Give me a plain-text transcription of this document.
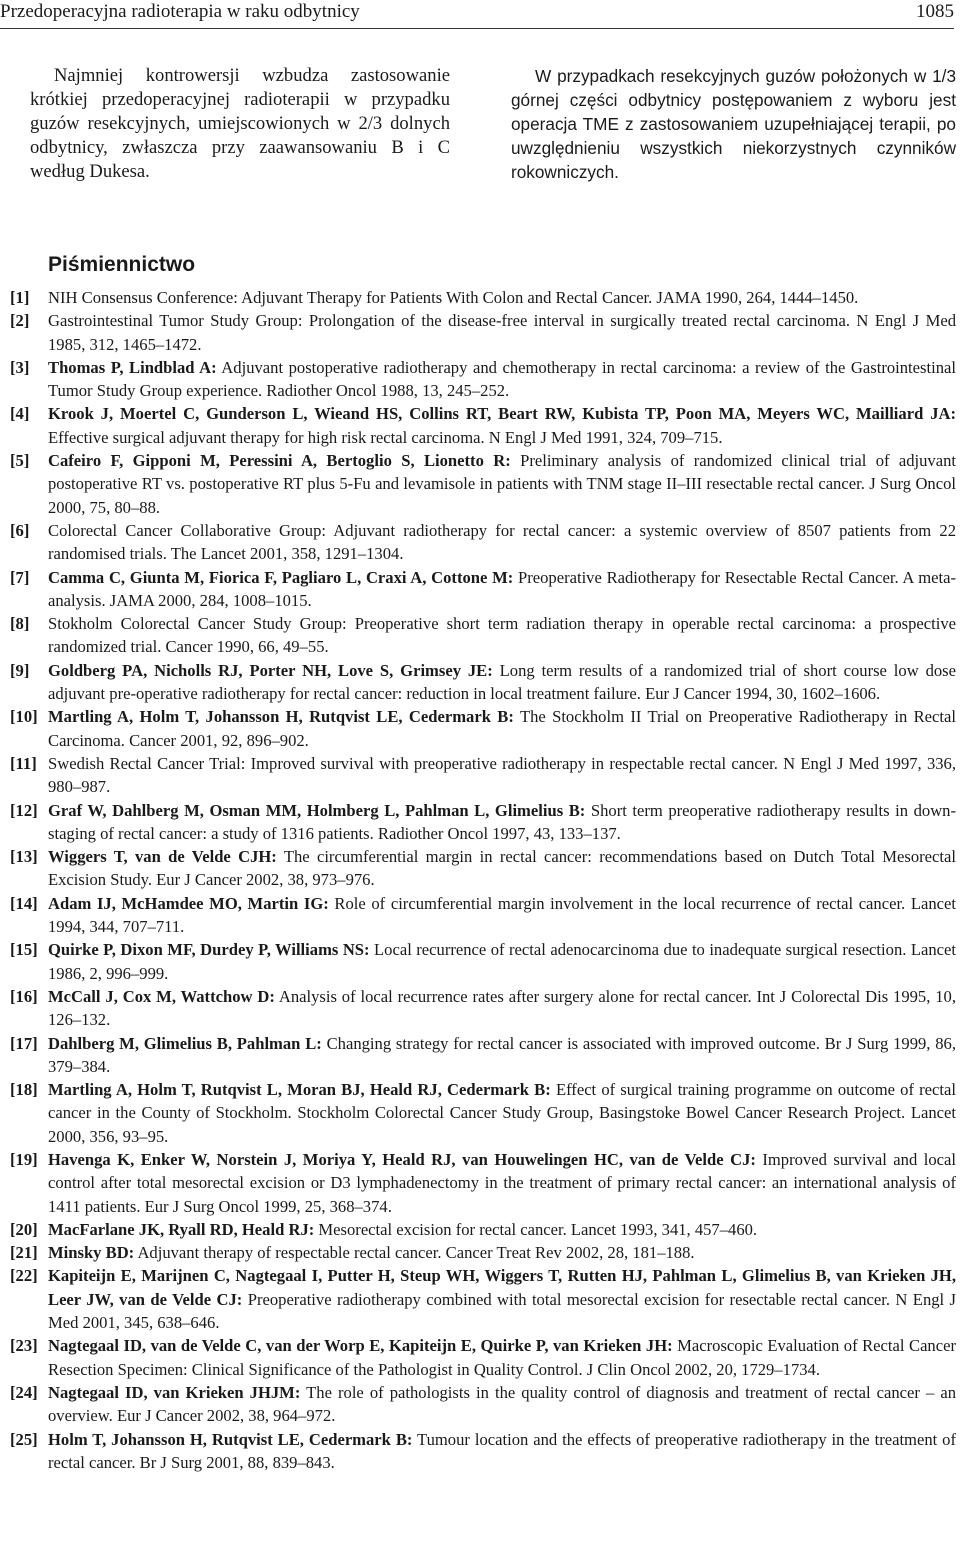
Przedoperacyjna radioterapia w raku odbytnicy	1085

Najmniej kontrowersji wzbudza zastosowanie krótkiej przedoperacyjnej radioterapii w przypadku guzów resekcyjnych, umiejscowionych w 2/3 dolnych odbytnicy, zwłaszcza przy zaawansowaniu B i C według Dukesa.

W przypadkach resekcyjnych guzów położonych w 1/3 górnej części odbytnicy postępowaniem z wyboru jest operacja TME z zastosowaniem uzupełniającej terapii, po uwzględnieniu wszystkich niekorzystnych czynników rokowniczych.

Piśmiennictwo
[1] NIH Consensus Conference: Adjuvant Therapy for Patients With Colon and Rectal Cancer. JAMA 1990, 264, 1444–1450.
[2] Gastrointestinal Tumor Study Group: Prolongation of the disease-free interval in surgically treated rectal carcinoma. N Engl J Med 1985, 312, 1465–1472.
[3] Thomas P, Lindblad A: Adjuvant postoperative radiotherapy and chemotherapy in rectal carcinoma: a review of the Gastrointestinal Tumor Study Group experience. Radiother Oncol 1988, 13, 245–252.
[4] Krook J, Moertel C, Gunderson L, Wieand HS, Collins RT, Beart RW, Kubista TP, Poon MA, Meyers WC, Mailliard JA: Effective surgical adjuvant therapy for high risk rectal carcinoma. N Engl J Med 1991, 324, 709–715.
[5] Cafeiro F, Gipponi M, Peressini A, Bertoglio S, Lionetto R: Preliminary analysis of randomized clinical trial of adjuvant postoperative RT vs. postoperative RT plus 5-Fu and levamisole in patients with TNM stage II–III resectable rectal cancer. J Surg Oncol 2000, 75, 80–88.
[6] Colorectal Cancer Collaborative Group: Adjuvant radiotherapy for rectal cancer: a systemic overview of 8507 patients from 22 randomised trials. The Lancet 2001, 358, 1291–1304.
[7] Camma C, Giunta M, Fiorica F, Pagliaro L, Craxi A, Cottone M: Preoperative Radiotherapy for Resectable Rectal Cancer. A meta-analysis. JAMA 2000, 284, 1008–1015.
[8] Stokholm Colorectal Cancer Study Group: Preoperative short term radiation therapy in operable rectal carcinoma: a prospective randomized trial. Cancer 1990, 66, 49–55.
[9] Goldberg PA, Nicholls RJ, Porter NH, Love S, Grimsey JE: Long term results of a randomized trial of short course low dose adjuvant pre-operative radiotherapy for rectal cancer: reduction in local treatment failure. Eur J Cancer 1994, 30, 1602–1606.
[10] Martling A, Holm T, Johansson H, Rutqvist LE, Cedermark B: The Stockholm II Trial on Preoperative Radiotherapy in Rectal Carcinoma. Cancer 2001, 92, 896–902.
[11] Swedish Rectal Cancer Trial: Improved survival with preoperative radiotherapy in respectable rectal cancer. N Engl J Med 1997, 336, 980–987.
[12] Graf W, Dahlberg M, Osman MM, Holmberg L, Pahlman L, Glimelius B: Short term preoperative radiotherapy results in down-staging of rectal cancer: a study of 1316 patients. Radiother Oncol 1997, 43, 133–137.
[13] Wiggers T, van de Velde CJH: The circumferential margin in rectal cancer: recommendations based on Dutch Total Mesorectal Excision Study. Eur J Cancer 2002, 38, 973–976.
[14] Adam IJ, McHamdee MO, Martin IG: Role of circumferential margin involvement in the local recurrence of rectal cancer. Lancet 1994, 344, 707–711.
[15] Quirke P, Dixon MF, Durdey P, Williams NS: Local recurrence of rectal adenocarcinoma due to inadequate surgical resection. Lancet 1986, 2, 996–999.
[16] McCall J, Cox M, Wattchow D: Analysis of local recurrence rates after surgery alone for rectal cancer. Int J Colorectal Dis 1995, 10, 126–132.
[17] Dahlberg M, Glimelius B, Pahlman L: Changing strategy for rectal cancer is associated with improved outcome. Br J Surg 1999, 86, 379–384.
[18] Martling A, Holm T, Rutqvist L, Moran BJ, Heald RJ, Cedermark B: Effect of surgical training programme on outcome of rectal cancer in the County of Stockholm. Stockholm Colorectal Cancer Study Group, Basingstoke Bowel Cancer Research Project. Lancet 2000, 356, 93–95.
[19] Havenga K, Enker W, Norstein J, Moriya Y, Heald RJ, van Houwelingen HC, van de Velde CJ: Improved survival and local control after total mesorectal excision or D3 lymphadenectomy in the treatment of primary rectal cancer: an international analysis of 1411 patients. Eur J Surg Oncol 1999, 25, 368–374.
[20] MacFarlane JK, Ryall RD, Heald RJ: Mesorectal excision for rectal cancer. Lancet 1993, 341, 457–460.
[21] Minsky BD: Adjuvant therapy of respectable rectal cancer. Cancer Treat Rev 2002, 28, 181–188.
[22] Kapiteijn E, Marijnen C, Nagtegaal I, Putter H, Steup WH, Wiggers T, Rutten HJ, Pahlman L, Glimelius B, van Krieken JH, Leer JW, van de Velde CJ: Preoperative radiotherapy combined with total mesorectal excision for resectable rectal cancer. N Engl J Med 2001, 345, 638–646.
[23] Nagtegaal ID, van de Velde C, van der Worp E, Kapiteijn E, Quirke P, van Krieken JH: Macroscopic Evaluation of Rectal Cancer Resection Specimen: Clinical Significance of the Pathologist in Quality Control. J Clin Oncol 2002, 20, 1729–1734.
[24] Nagtegaal ID, van Krieken JHJM: The role of pathologists in the quality control of diagnosis and treatment of rectal cancer – an overview. Eur J Cancer 2002, 38, 964–972.
[25] Holm T, Johansson H, Rutqvist LE, Cedermark B: Tumour location and the effects of preoperative radiotherapy in the treatment of rectal cancer. Br J Surg 2001, 88, 839–843.
